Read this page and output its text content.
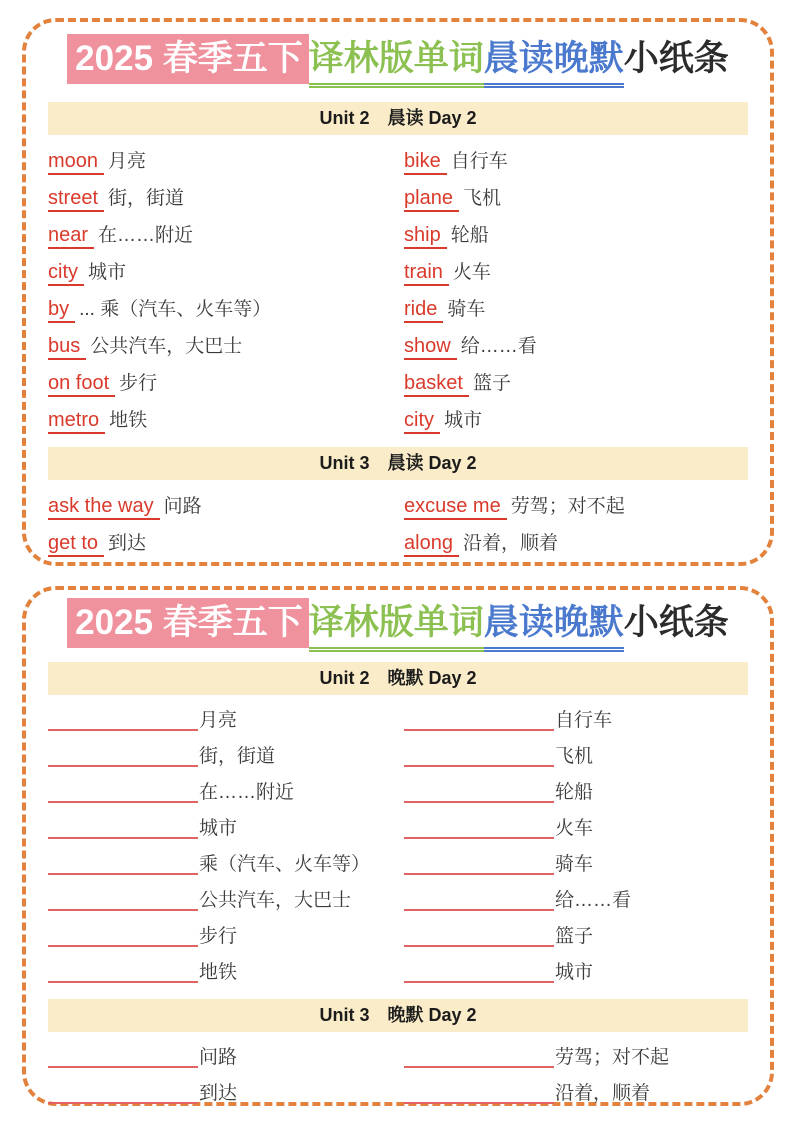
2025 春季五下 译林版单词晨读晚默小纸条
Unit 2　晨读 Day 2
moon 月亮	bike 自行车
street 街，街道	plane 飞机
near 在……附近	ship 轮船
city 城市	train 火车
by ... 乘（汽车、火车等）	ride 骑车
bus 公共汽车，大巴士	show 给……看
on foot 步行	basket 篮子
metro 地铁	city 城市
Unit 3　晨读 Day 2
ask the way 问路	excuse me 劳驾；对不起
get to 到达	along 沿着，顺着
2025 春季五下 译林版单词晨读晚默小纸条
Unit 2　晚默 Day 2
月亮	自行车
街，街道	飞机
在……附近	轮船
城市	火车
乘（汽车、火车等）	骑车
公共汽车，大巴士	给……看
步行	篮子
地铁	城市
Unit 3　晚默 Day 2
问路	劳驾；对不起
到达	沿着，顺着
